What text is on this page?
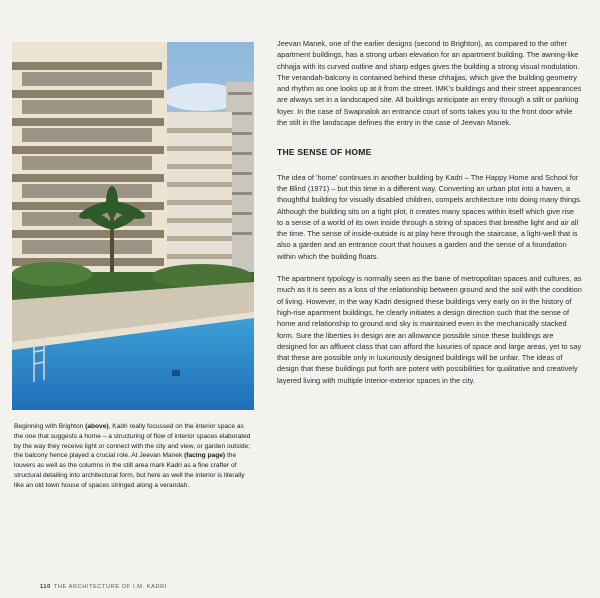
Beginning with Brighton (above), Kadri really focussed on the interior space as the one that suggests a home – a structuring of flow of interior spaces elaborated by the way they receive light or connect with the city and view, or garden outside; the balcony hence played a crucial role. At Jeevan Manek (facing page) the louvers as well as the columns in the stilt area mark Kadri as a fine crafter of structural detailing into architectural form, but here as well the interior is literally like an old town house of spaces stringed along a verandah.

Jeevan Manek, one of the earlier designs (second to Brighton), as compared to the other apartment buildings, has a strong urban elevation for an apartment building. The awning-like chhajja with its curved outline and sharp edges gives the building a strong visual modulation. The verandah-balcony is contained behind these chhajjas, which give the building geometry and rhythm as one looks up at it from the street. IMK's buildings and their street appearances are always set in a landscaped site. All buildings anticipate an entry through a stilt or parking foyer. In the case of Swapnalok an entrance court of sorts takes you to the front door while the stilt in the landscape defines the entry in the case of Jeevan Manek.

THE SENSE OF HOME

The idea of 'home' continues in another building by Kadri – The Happy Home and School for the Blind (1971) – but this time in a different way. Converting an urban plot into a haven, a thoughtful building for visually disabled children, compels architecture into doing many things. Although the building sits on a tight plot, it creates many spaces within itself which give rise to a sense of a world of its own inside through a string of spaces that breathe light and air all the time. The sense of inside-outside is at play here through the staircase, a light-well that is also a garden and an entrance court that houses a garden and the sense of a foundation within which the building floats.

The apartment typology is normally seen as the bane of metropolitan spaces and cultures, as much as it is seen as a loss of the relationship between ground and the soil with the condition of living. However, in the way Kadri designed these buildings very early on in the history of high-rise apartment buildings, he clearly initiates a design direction such that the sense of home and relationship to ground and sky is maintained even in the mechanically stacked form. Sure the liberties in design are an allowance possible since these buildings are designed for an affluent class that can afford the luxuries of space and large areas, yet to say that these are possible only in luxuriously designed buildings will be unfair. The ideas of design that these buildings put forth are potent with possibilities for qualitative and creatively layered living with multiple interior-exterior spaces in the city.

110 THE ARCHITECTURE OF I.M. KADRI
